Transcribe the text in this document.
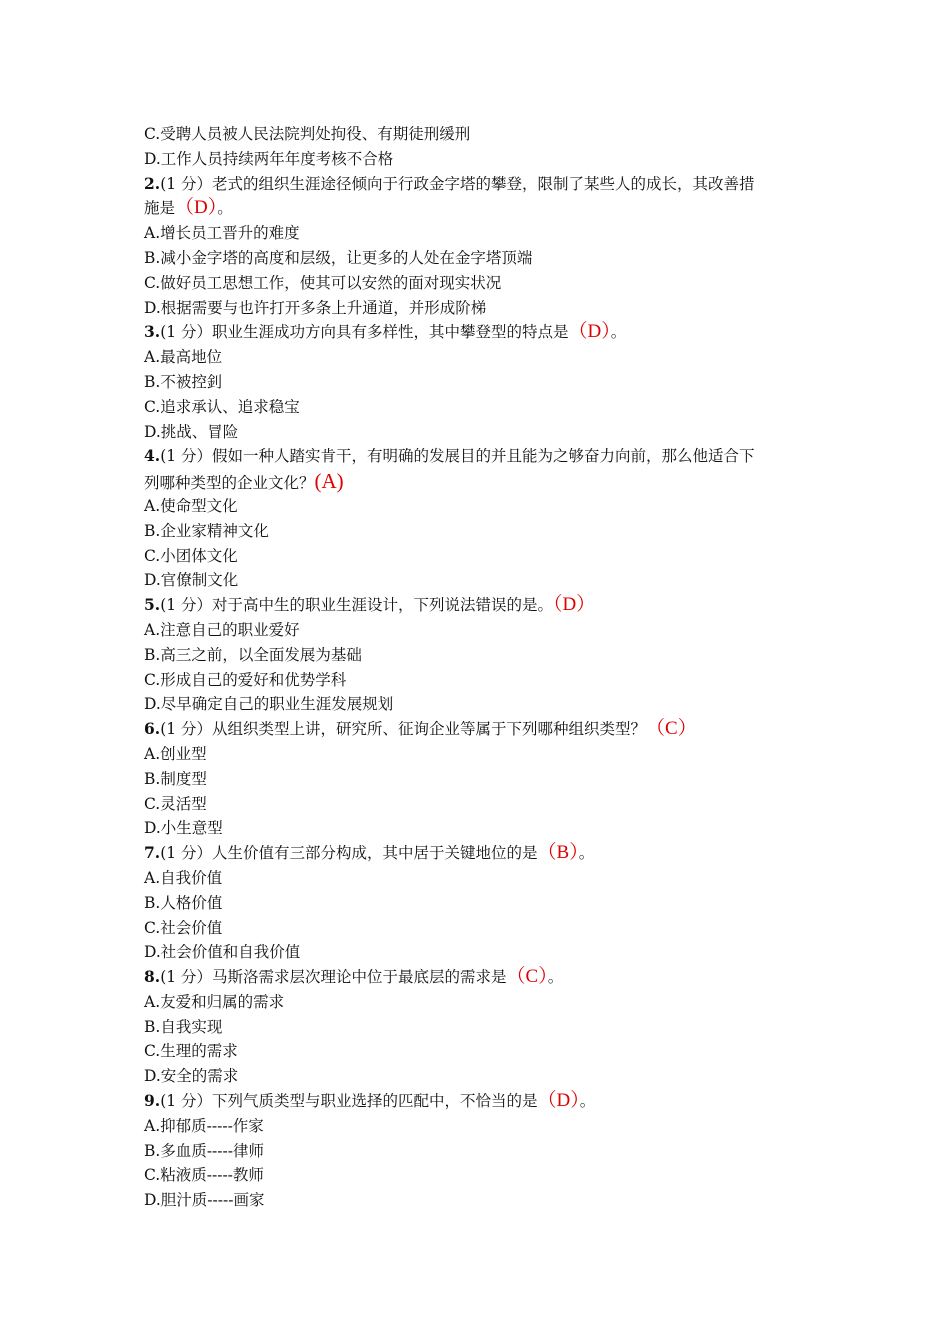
C.受聘人员被人民法院判处拘役、有期徒刑缓刑
D.工作人员持续两年年度考核不合格
2.(1 分）老式的组织生涯途径倾向于行政金字塔的攀登，限制了某些人的成长，其改善措
施是（D）。
A.增长员工晋升的难度
B.减小金字塔的高度和层级，让更多的人处在金字塔顶端
C.做好员工思想工作，使其可以安然的面对现实状况
D.根据需要与也许打开多条上升通道，并形成阶梯
3.(1 分）职业生涯成功方向具有多样性，其中攀登型的特点是（D）。
A.最高地位
B.不被控釗
C.追求承认、追求稳宝
D.挑战、冒险
4.(1 分）假如一种人踏实肯干，有明确的发展目的并且能为之够奋力向前，那么他适合下
列哪种类型的企业文化？(A)
A.使命型文化
B.企业家精神文化
C.小团体文化
D.官僚制文化
5.(1 分）对于高中生的职业生涯设计，下列说法错误的是。（D）
A.注意自己的职业爱好
B.高三之前，以全面发展为基础
C.形成自己的爱好和优势学科
D.尽早确定自己的职业生涯发展规划
6.(1 分）从组织类型上讲，研究所、征询企业等属于下列哪种组织类型？（C）
A.创业型
B.制度型
C.灵活型
D.小生意型
7.(1 分）人生价值有三部分构成，其中居于关键地位的是（B）。
A.自我价值
B.人格价值
C.社会价值
D.社会价值和自我价值
8.(1 分）马斯洛需求层次理论中位于最底层的需求是（C）。
A.友爱和归属的需求
B.自我实现
C.生理的需求
D.安全的需求
9.(1 分）下列气质类型与职业选择的匹配中，不恰当的是（D）。
A.抑郁质-----作家
B.多血质-----律师
C.粘液质-----教师
D.胆汁质-----画家
